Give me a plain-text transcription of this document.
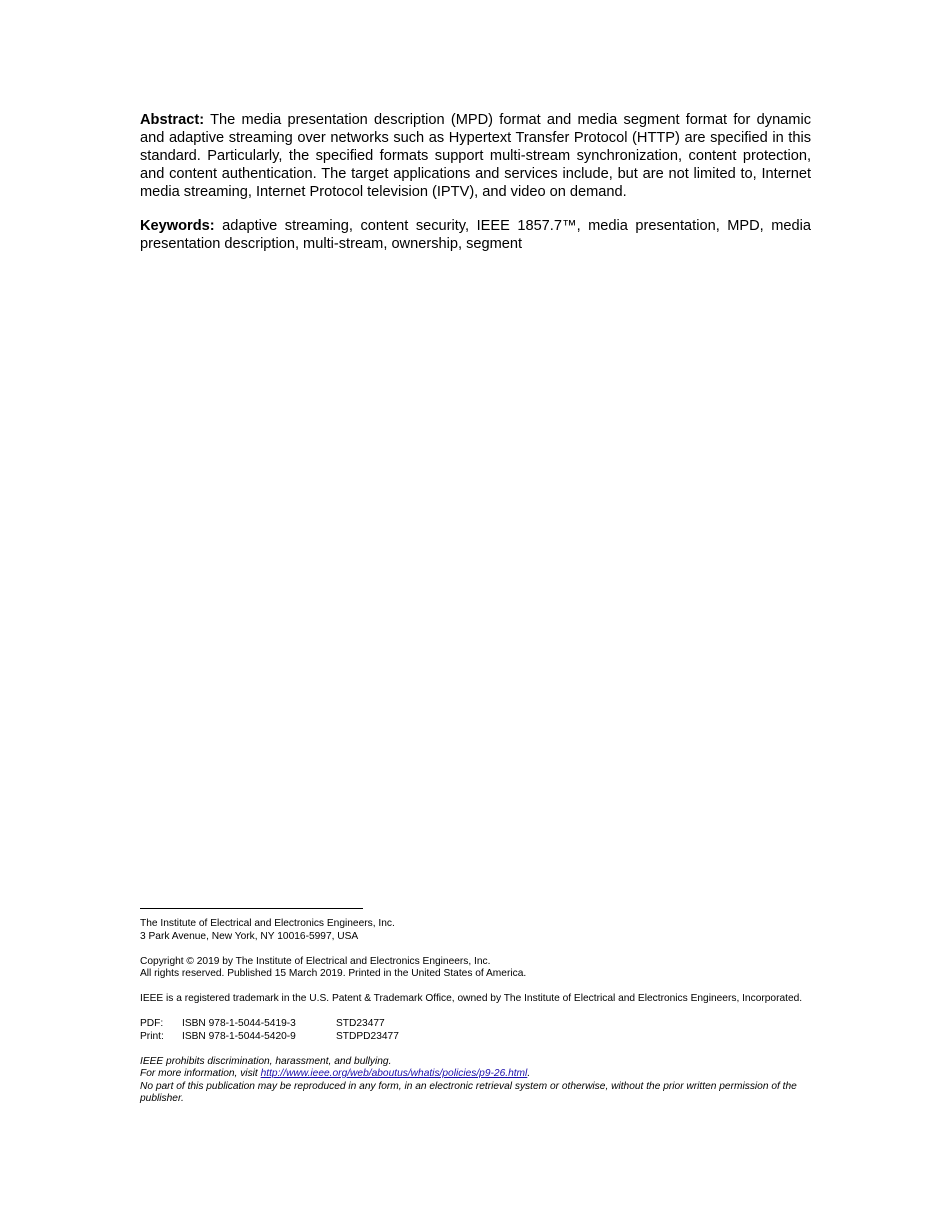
Abstract: The media presentation description (MPD) format and media segment format for dynamic and adaptive streaming over networks such as Hypertext Transfer Protocol (HTTP) are specified in this standard. Particularly, the specified formats support multi-stream synchronization, content protection, and content authentication. The target applications and services include, but are not limited to, Internet media streaming, Internet Protocol television (IPTV), and video on demand.

Keywords: adaptive streaming, content security, IEEE 1857.7™, media presentation, MPD, media presentation description, multi-stream, ownership, segment

The Institute of Electrical and Electronics Engineers, Inc.
3 Park Avenue, New York, NY 10016-5997, USA
Copyright © 2019 by The Institute of Electrical and Electronics Engineers, Inc.
All rights reserved. Published 15 March 2019. Printed in the United States of America.
IEEE is a registered trademark in the U.S. Patent & Trademark Office, owned by The Institute of Electrical and Electronics Engineers, Incorporated.
PDF: ISBN 978-1-5044-5419-3	STD23477
Print: ISBN 978-1-5044-5420-9	STDPD23477
IEEE prohibits discrimination, harassment, and bullying.
For more information, visit http://www.ieee.org/web/aboutus/whatis/policies/p9-26.html.
No part of this publication may be reproduced in any form, in an electronic retrieval system or otherwise, without the prior written permission of the publisher.
